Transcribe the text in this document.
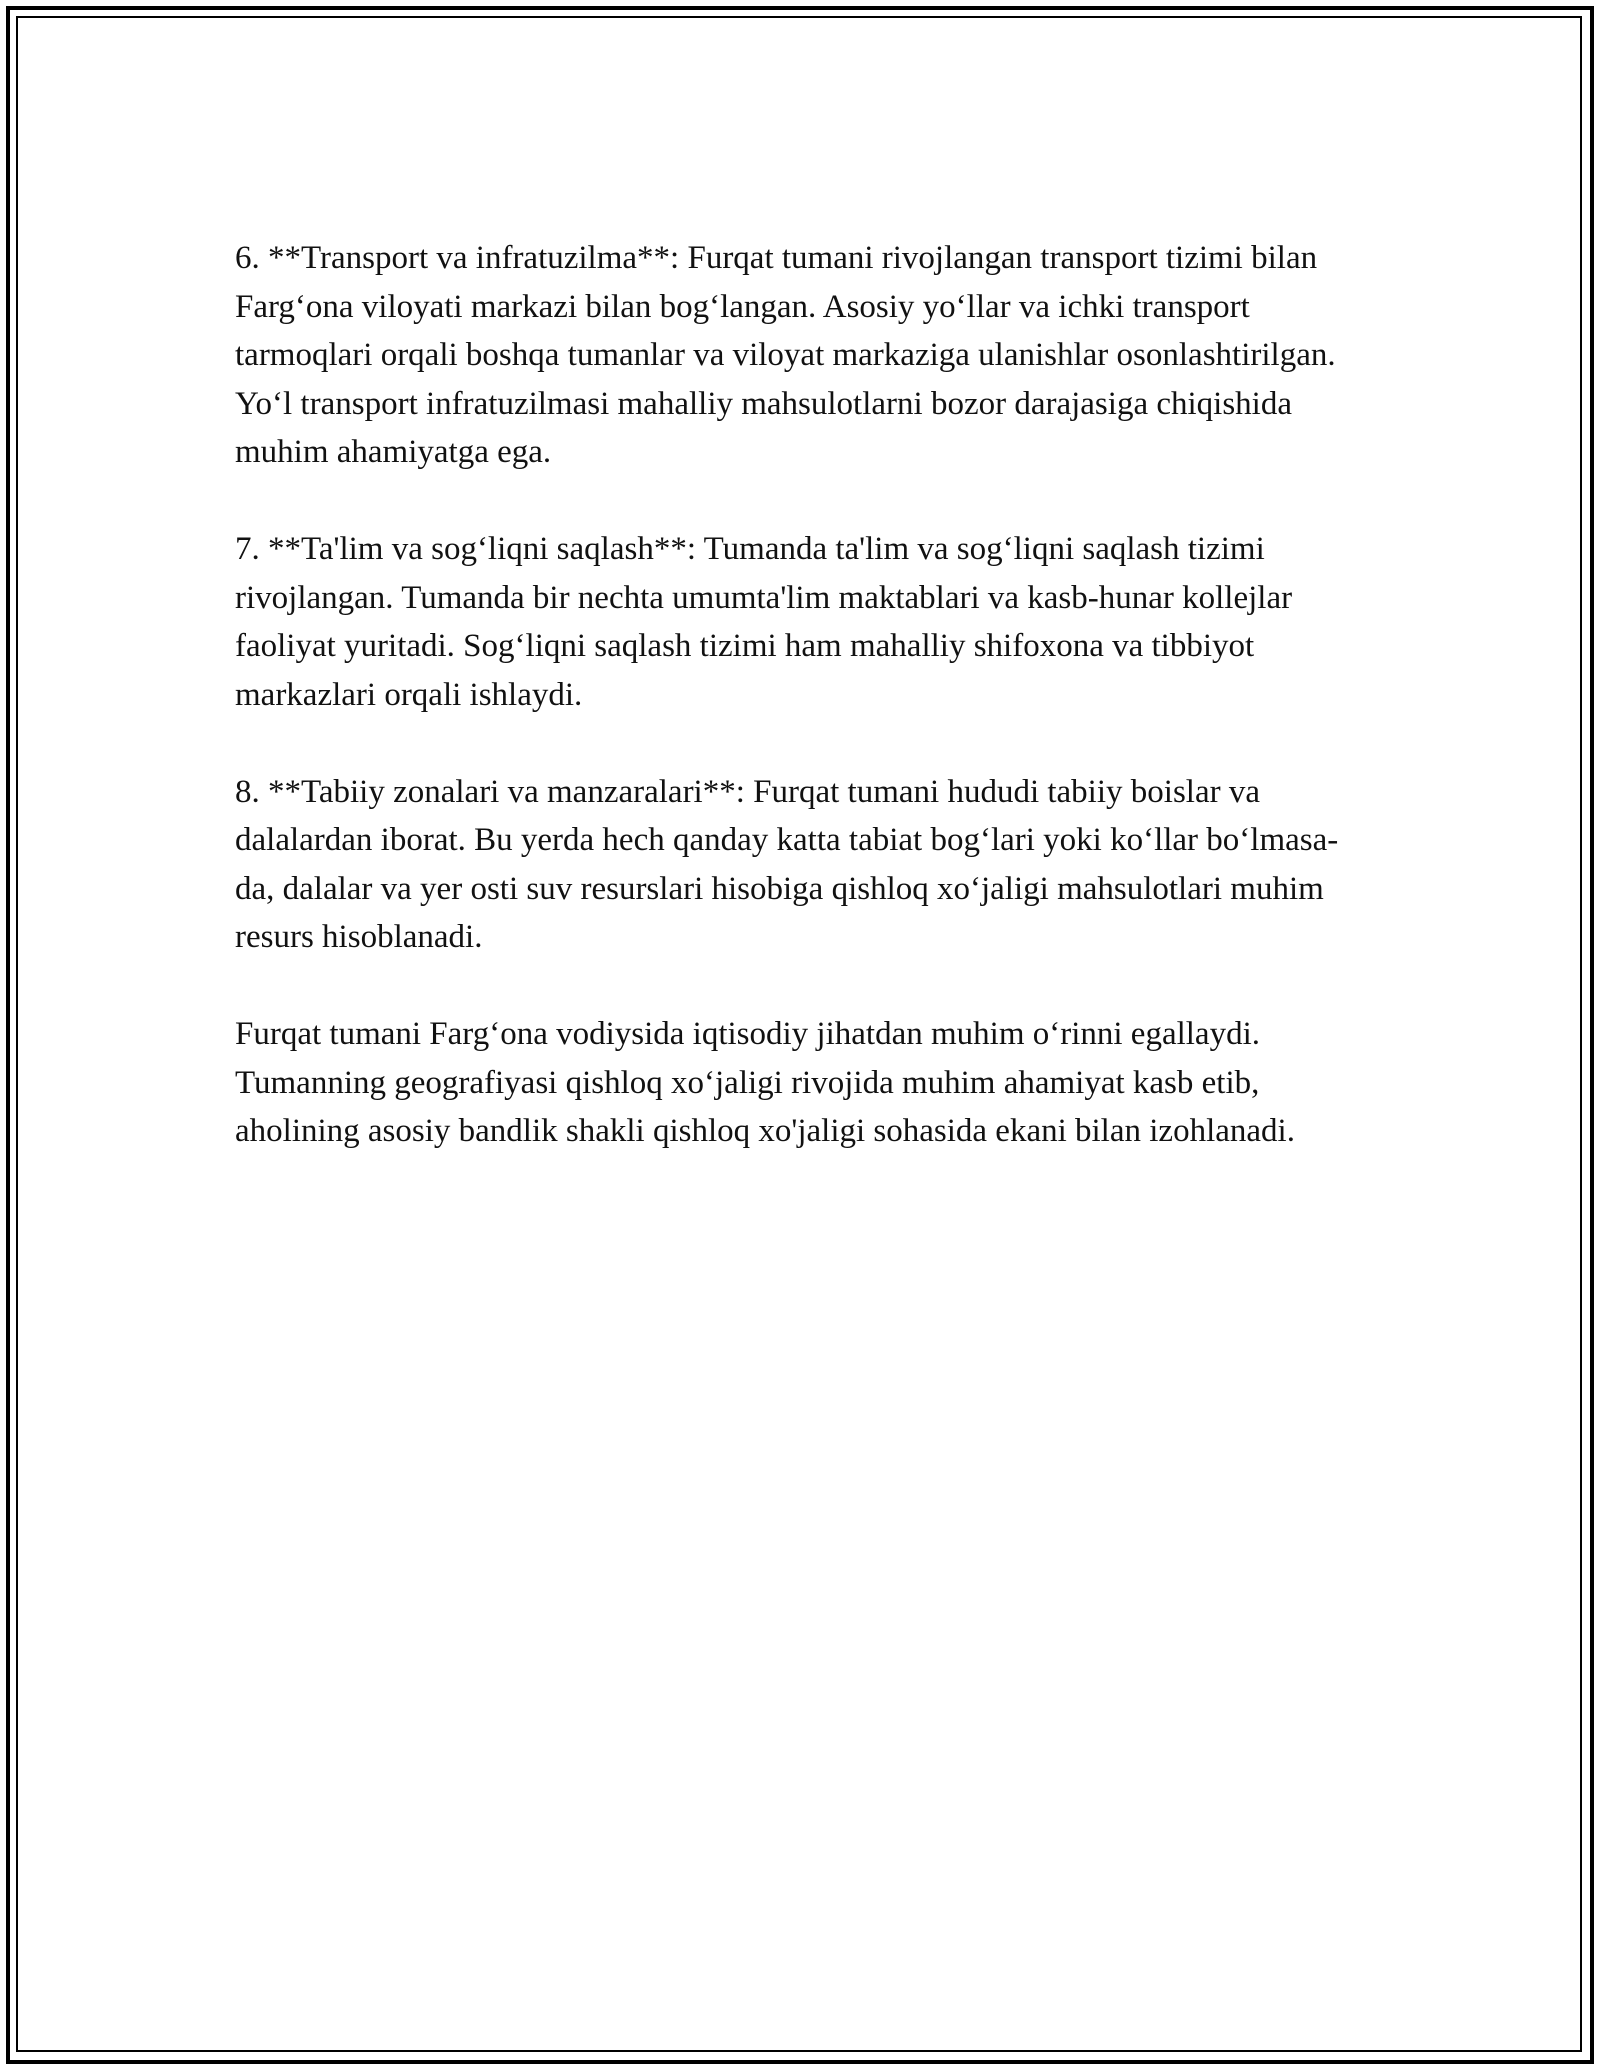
6. **Transport va infratuzilma**: Furqat tumani rivojlangan transport tizimi bilan Farg‘ona viloyati markazi bilan bog‘langan. Asosiy yo‘llar va ichki transport tarmoqlari orqali boshqa tumanlar va viloyat markaziga ulanishlar osonlashtirilgan. Yo‘l transport infratuzilmasi mahalliy mahsulotlarni bozor darajasiga chiqishida muhim ahamiyatga ega.

7. **Ta'lim va sog‘liqni saqlash**: Tumanda ta'lim va sog‘liqni saqlash tizimi rivojlangan. Tumanda bir nechta umumta'lim maktablari va kasb-hunar kollejlar faoliyat yuritadi. Sog‘liqni saqlash tizimi ham mahalliy shifoxona va tibbiyot markazlari orqali ishlaydi.

8. **Tabiiy zonalari va manzaralari**: Furqat tumani hududi tabiiy boislar va dalalardan iborat. Bu yerda hech qanday katta tabiat bog‘lari yoki ko‘llar bo‘lmasa-da, dalalar va yer osti suv resurslari hisobiga qishloq xo‘jaligi mahsulotlari muhim resurs hisoblanadi.

Furqat tumani Farg‘ona vodiysida iqtisodiy jihatdan muhim o‘rinni egallaydi. Tumanning geografiyasi qishloq xo‘jaligi rivojida muhim ahamiyat kasb etib, aholining asosiy bandlik shakli qishloq xo'jaligi sohasida ekani bilan izohlanadi.
